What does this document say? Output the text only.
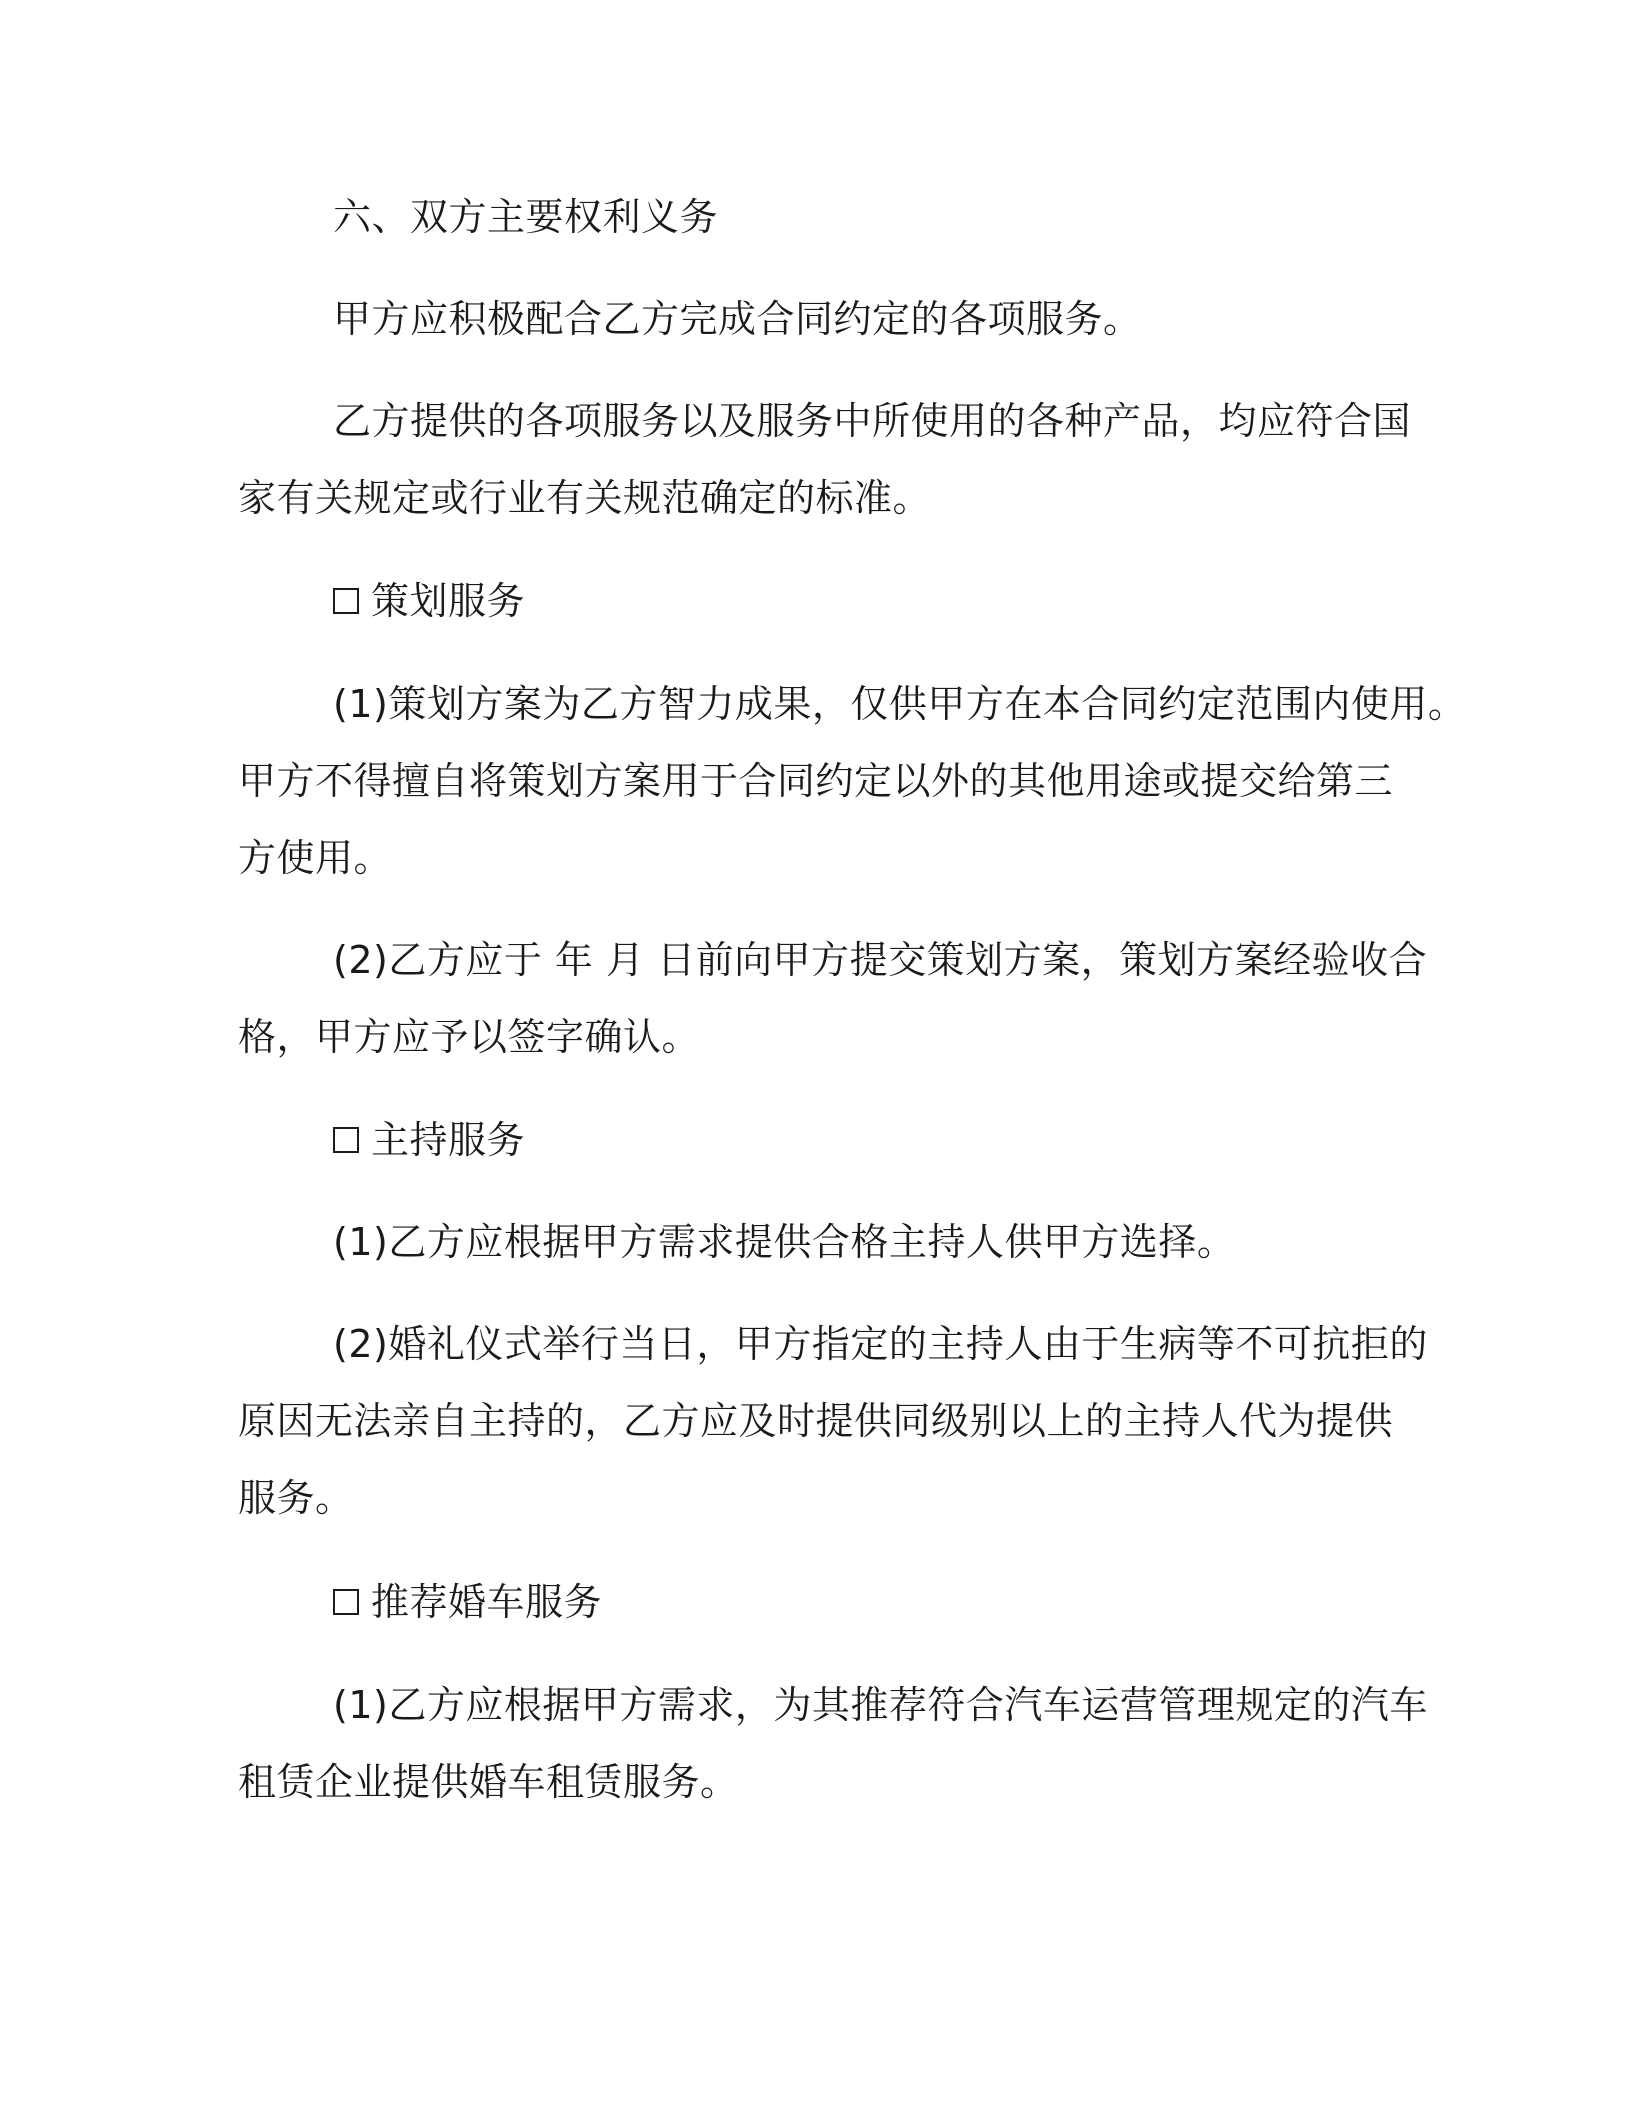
六、双方主要权利义务
甲方应积极配合乙方完成合同约定的各项服务。
乙方提供的各项服务以及服务中所使用的各种产品，均应符合国
家有关规定或行业有关规范确定的标准。
策划服务
(1)策划方案为乙方智力成果，仅供甲方在本合同约定范围内使用。
甲方不得擅自将策划方案用于合同约定以外的其他用途或提交给第三
方使用。
(2)乙方应于 年 月 日前向甲方提交策划方案，策划方案经验收合
格，甲方应予以签字确认。
主持服务
(1)乙方应根据甲方需求提供合格主持人供甲方选择。
(2)婚礼仪式举行当日，甲方指定的主持人由于生病等不可抗拒的
原因无法亲自主持的，乙方应及时提供同级别以上的主持人代为提供
服务。
推荐婚车服务
(1)乙方应根据甲方需求，为其推荐符合汽车运营管理规定的汽车
租赁企业提供婚车租赁服务。
